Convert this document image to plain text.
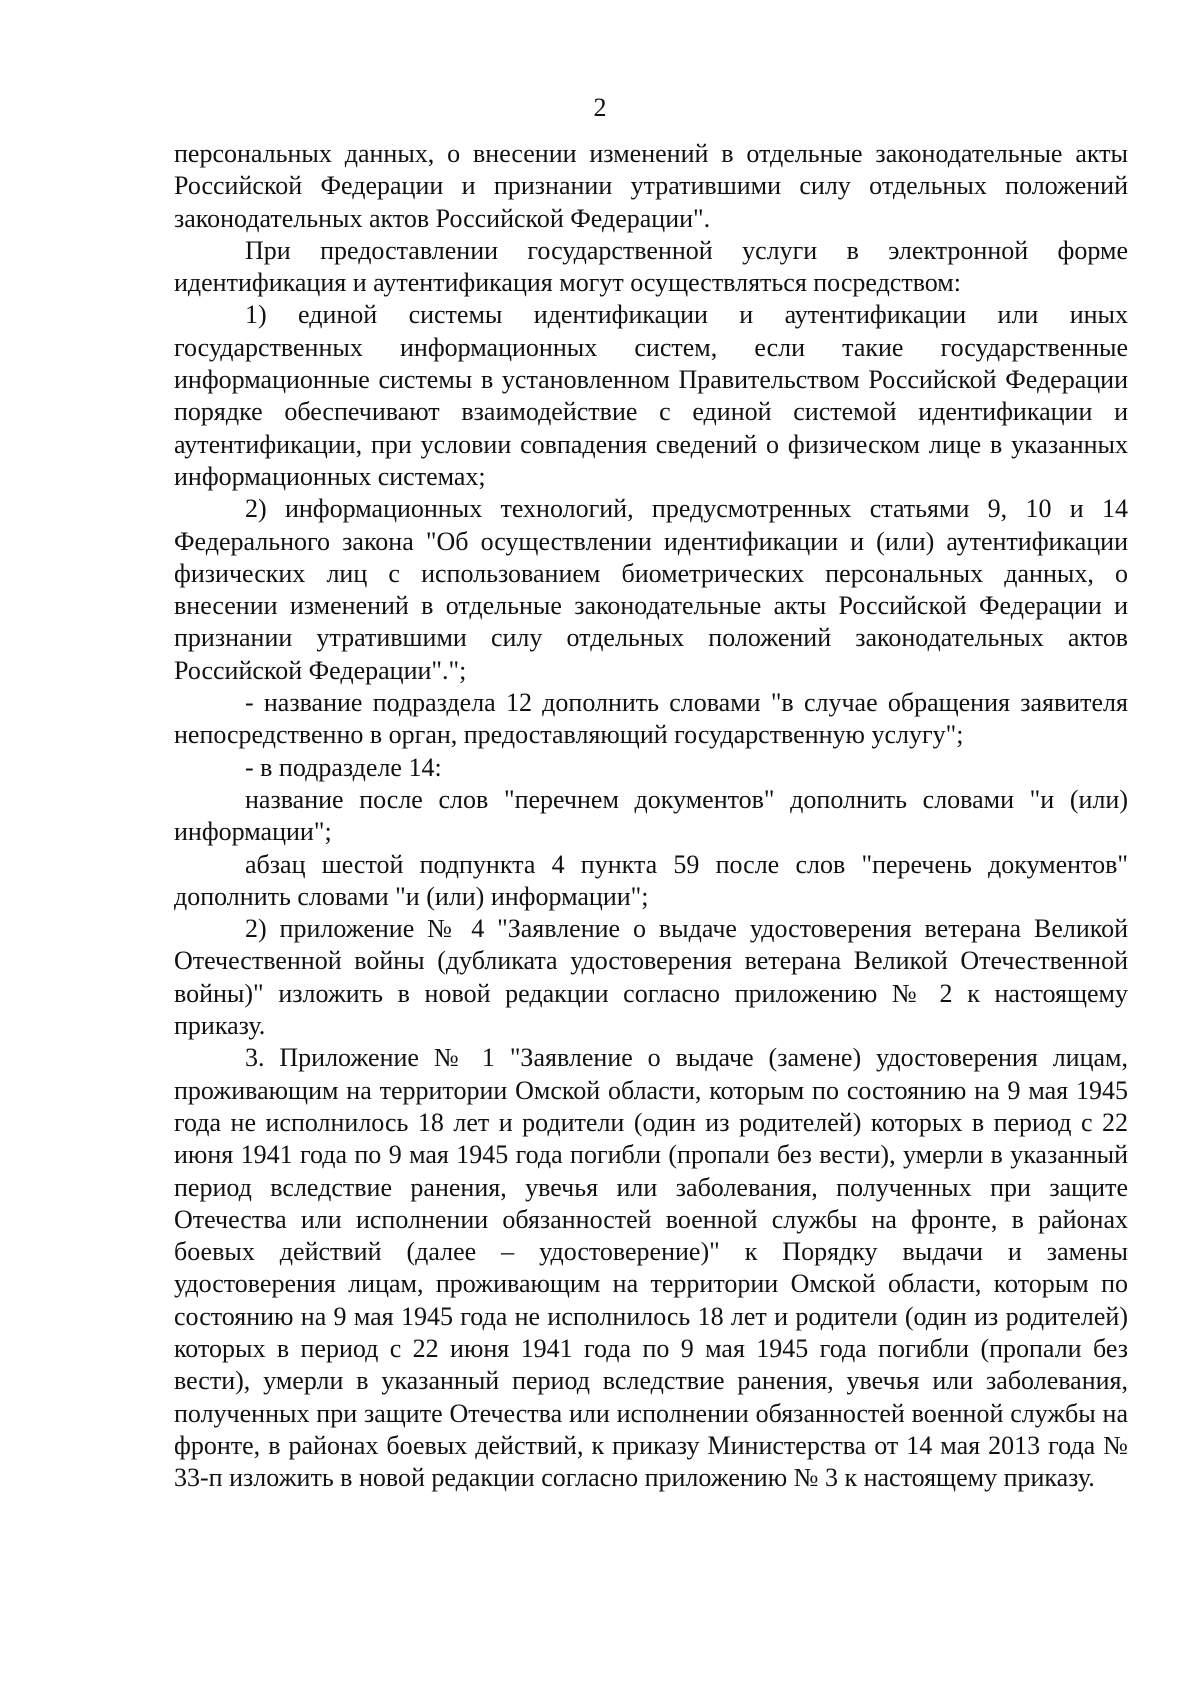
2

персональных данных, о внесении изменений в отдельные законодательные акты Российской Федерации и признании утратившими силу отдельных положений законодательных актов Российской Федерации".

При предоставлении государственной услуги в электронной форме идентификация и аутентификация могут осуществляться посредством:

1) единой системы идентификации и аутентификации или иных государственных информационных систем, если такие государственные информационные системы в установленном Правительством Российской Федерации порядке обеспечивают взаимодействие с единой системой идентификации и аутентификации, при условии совпадения сведений о физическом лице в указанных информационных системах;

2) информационных технологий, предусмотренных статьями 9, 10 и 14 Федерального закона "Об осуществлении идентификации и (или) аутентификации физических лиц с использованием биометрических персональных данных, о внесении изменений в отдельные законодательные акты Российской Федерации и признании утратившими силу отдельных положений законодательных актов Российской Федерации".";

- название подраздела 12 дополнить словами "в случае обращения заявителя непосредственно в орган, предоставляющий государственную услугу";

- в подразделе 14:

название после слов "перечнем документов" дополнить словами "и (или) информации";

абзац шестой подпункта 4 пункта 59 после слов "перечень документов" дополнить словами "и (или) информации";

2) приложение № 4 "Заявление о выдаче удостоверения ветерана Великой Отечественной войны (дубликата удостоверения ветерана Великой Отечественной войны)" изложить в новой редакции согласно приложению № 2 к настоящему приказу.

3. Приложение № 1 "Заявление о выдаче (замене) удостоверения лицам, проживающим на территории Омской области, которым по состоянию на 9 мая 1945 года не исполнилось 18 лет и родители (один из родителей) которых в период с 22 июня 1941 года по 9 мая 1945 года погибли (пропали без вести), умерли в указанный период вследствие ранения, увечья или заболевания, полученных при защите Отечества или исполнении обязанностей военной службы на фронте, в районах боевых действий (далее – удостоверение)" к Порядку выдачи и замены удостоверения лицам, проживающим на территории Омской области, которым по состоянию на 9 мая 1945 года не исполнилось 18 лет и родители (один из родителей) которых в период с 22 июня 1941 года по 9 мая 1945 года погибли (пропали без вести), умерли в указанный период вследствие ранения, увечья или заболевания, полученных при защите Отечества или исполнении обязанностей военной службы на фронте, в районах боевых действий, к приказу Министерства от 14 мая 2013 года № 33-п изложить в новой редакции согласно приложению № 3 к настоящему приказу.
